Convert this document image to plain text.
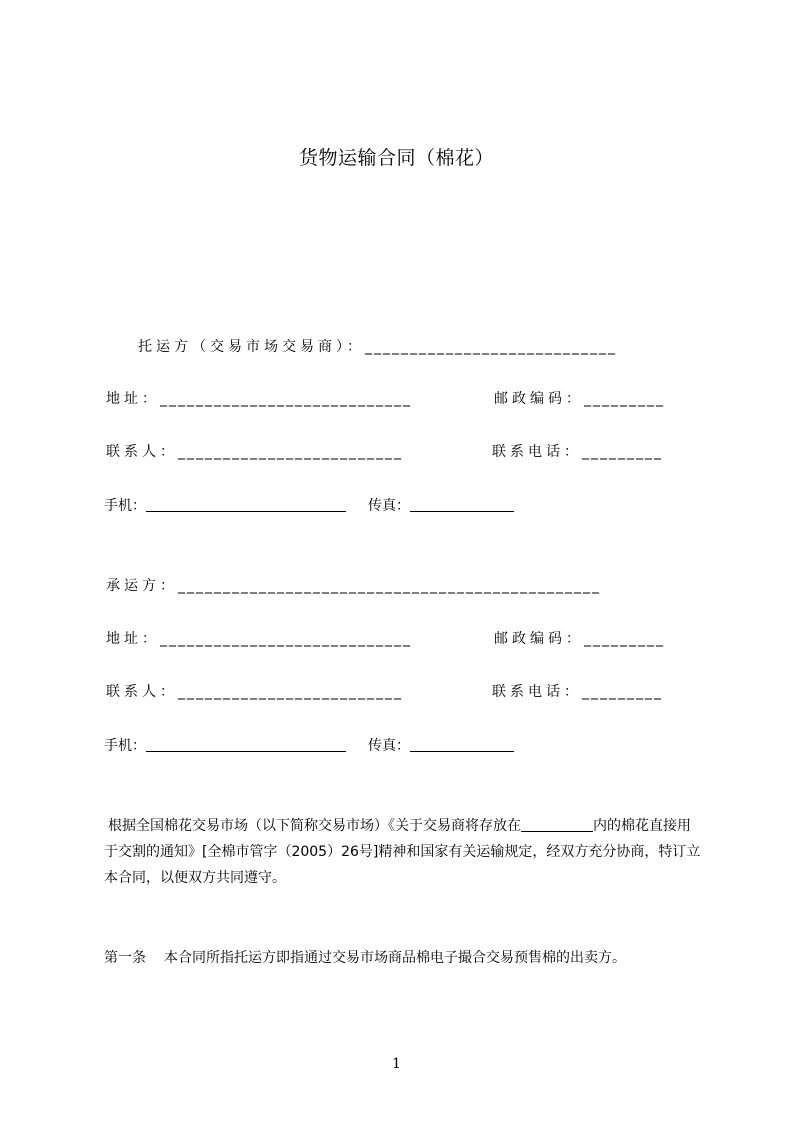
货物运输合同（棉花）
托运方（交易市场交易商）：____________________________
地址：____________________________	邮政编码：_________
联系人：_________________________	联系电话：_________
手机：	传真：
承运方：_______________________________________________
地址：____________________________	邮政编码：_________
联系人：_________________________	联系电话：_________
手机：	传真：
根据全国棉花交易市场（以下简称交易市场）《关于交易商将存放在	内的棉花直接用于交割的通知》[全棉市管字（2005）26号]精神和国家有关运输规定，经双方充分协商，特订立本合同，以便双方共同遵守。
第一条 本合同所指托运方即指通过交易市场商品棉电子撮合交易预售棉的出卖方。
1
